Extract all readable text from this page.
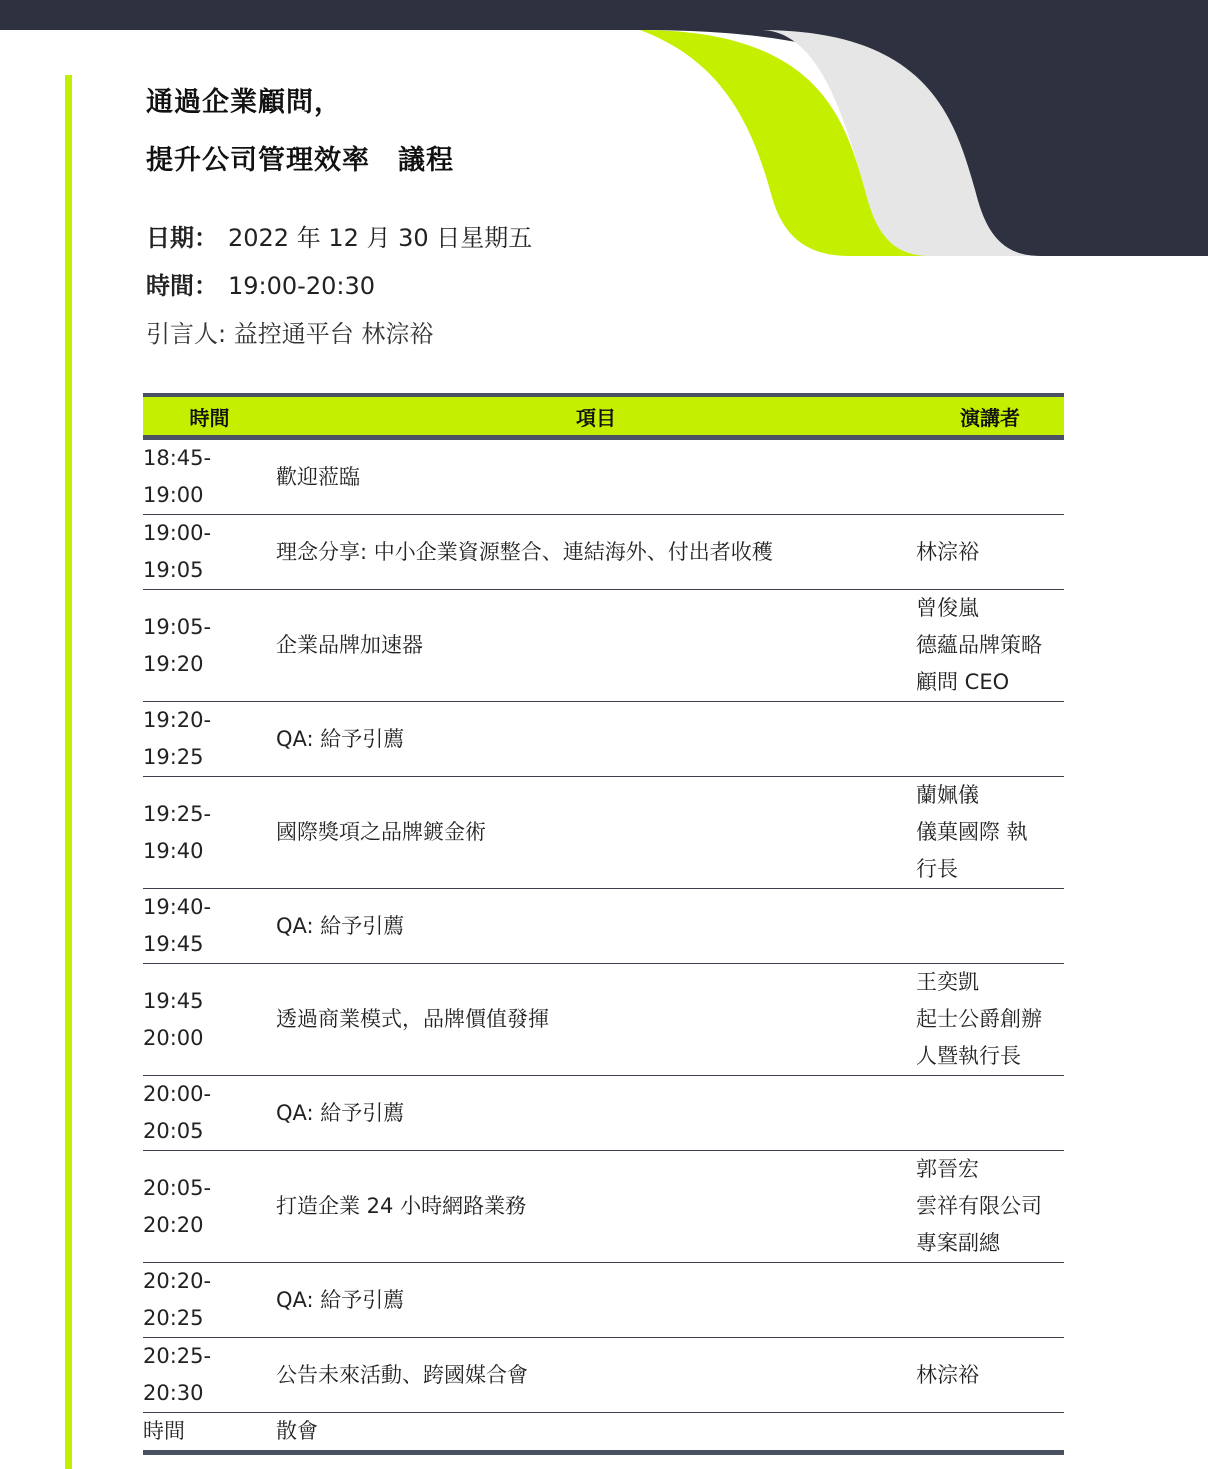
通過企業顧問，
提升公司管理效率　議程
日期： 2022 年 12 月 30 日星期五
時間： 19:00-20:30
引言人: 益控通平台 林淙裕
時間	項目	演講者

18:45-
19:00	歡迎蒞臨	

19:00-
19:05	理念分享: 中小企業資源整合、連結海外、付出者收穫	林淙裕

19:05-
19:20	企業品牌加速器	曾俊嵐
德蘊品牌策略
顧問 CEO

19:20-
19:25	QA: 給予引薦	

19:25-
19:40	國際獎項之品牌鍍金術	蘭姵儀
儀菓國際 執
行長

19:40-
19:45	QA: 給予引薦	

19:45
20:00	透過商業模式，品牌價值發揮	王奕凱
起士公爵創辦
人暨執行長

20:00-
20:05	QA: 給予引薦	

20:05-
20:20	打造企業 24 小時網路業務	郭晉宏
雲祥有限公司
專案副總

20:20-
20:25	QA: 給予引薦	

20:25-
20:30	公告未來活動、跨國媒合會	林淙裕

時間	散會	
